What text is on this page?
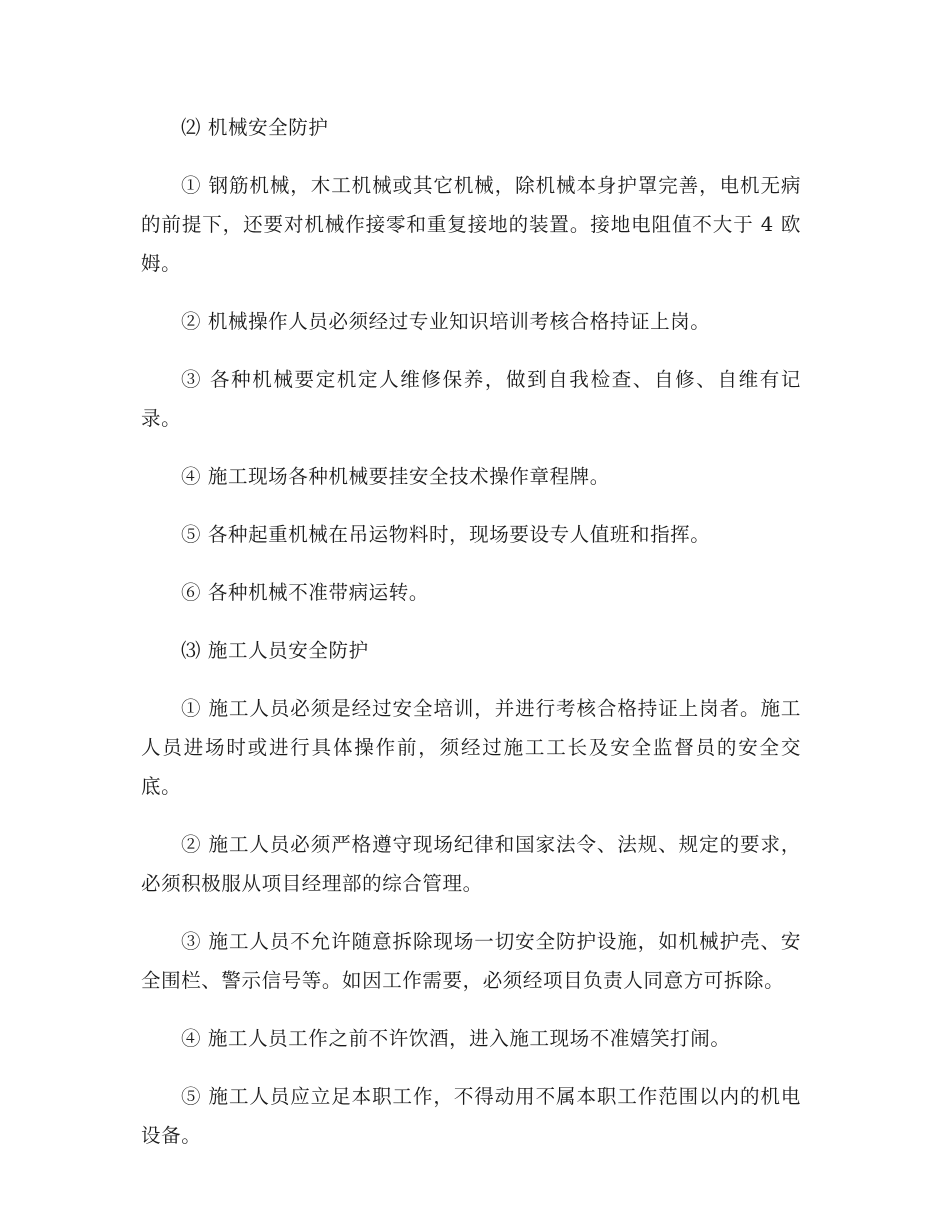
⑵ 机械安全防护

① 钢筋机械，木工机械或其它机械，除机械本身护罩完善，电机无病的前提下，还要对机械作接零和重复接地的装置。接地电阻值不大于 4 欧姆。

② 机械操作人员必须经过专业知识培训考核合格持证上岗。

③ 各种机械要定机定人维修保养，做到自我检查、自修、自维有记录。

④ 施工现场各种机械要挂安全技术操作章程牌。

⑤ 各种起重机械在吊运物料时，现场要设专人值班和指挥。

⑥ 各种机械不准带病运转。

⑶ 施工人员安全防护

① 施工人员必须是经过安全培训，并进行考核合格持证上岗者。施工人员进场时或进行具体操作前，须经过施工工长及安全监督员的安全交底。

② 施工人员必须严格遵守现场纪律和国家法令、法规、规定的要求，必须积极服从项目经理部的综合管理。

③ 施工人员不允许随意拆除现场一切安全防护设施，如机械护壳、安全围栏、警示信号等。如因工作需要，必须经项目负责人同意方可拆除。

④ 施工人员工作之前不许饮酒，进入施工现场不准嬉笑打闹。

⑤ 施工人员应立足本职工作，不得动用不属本职工作范围以内的机电设备。
